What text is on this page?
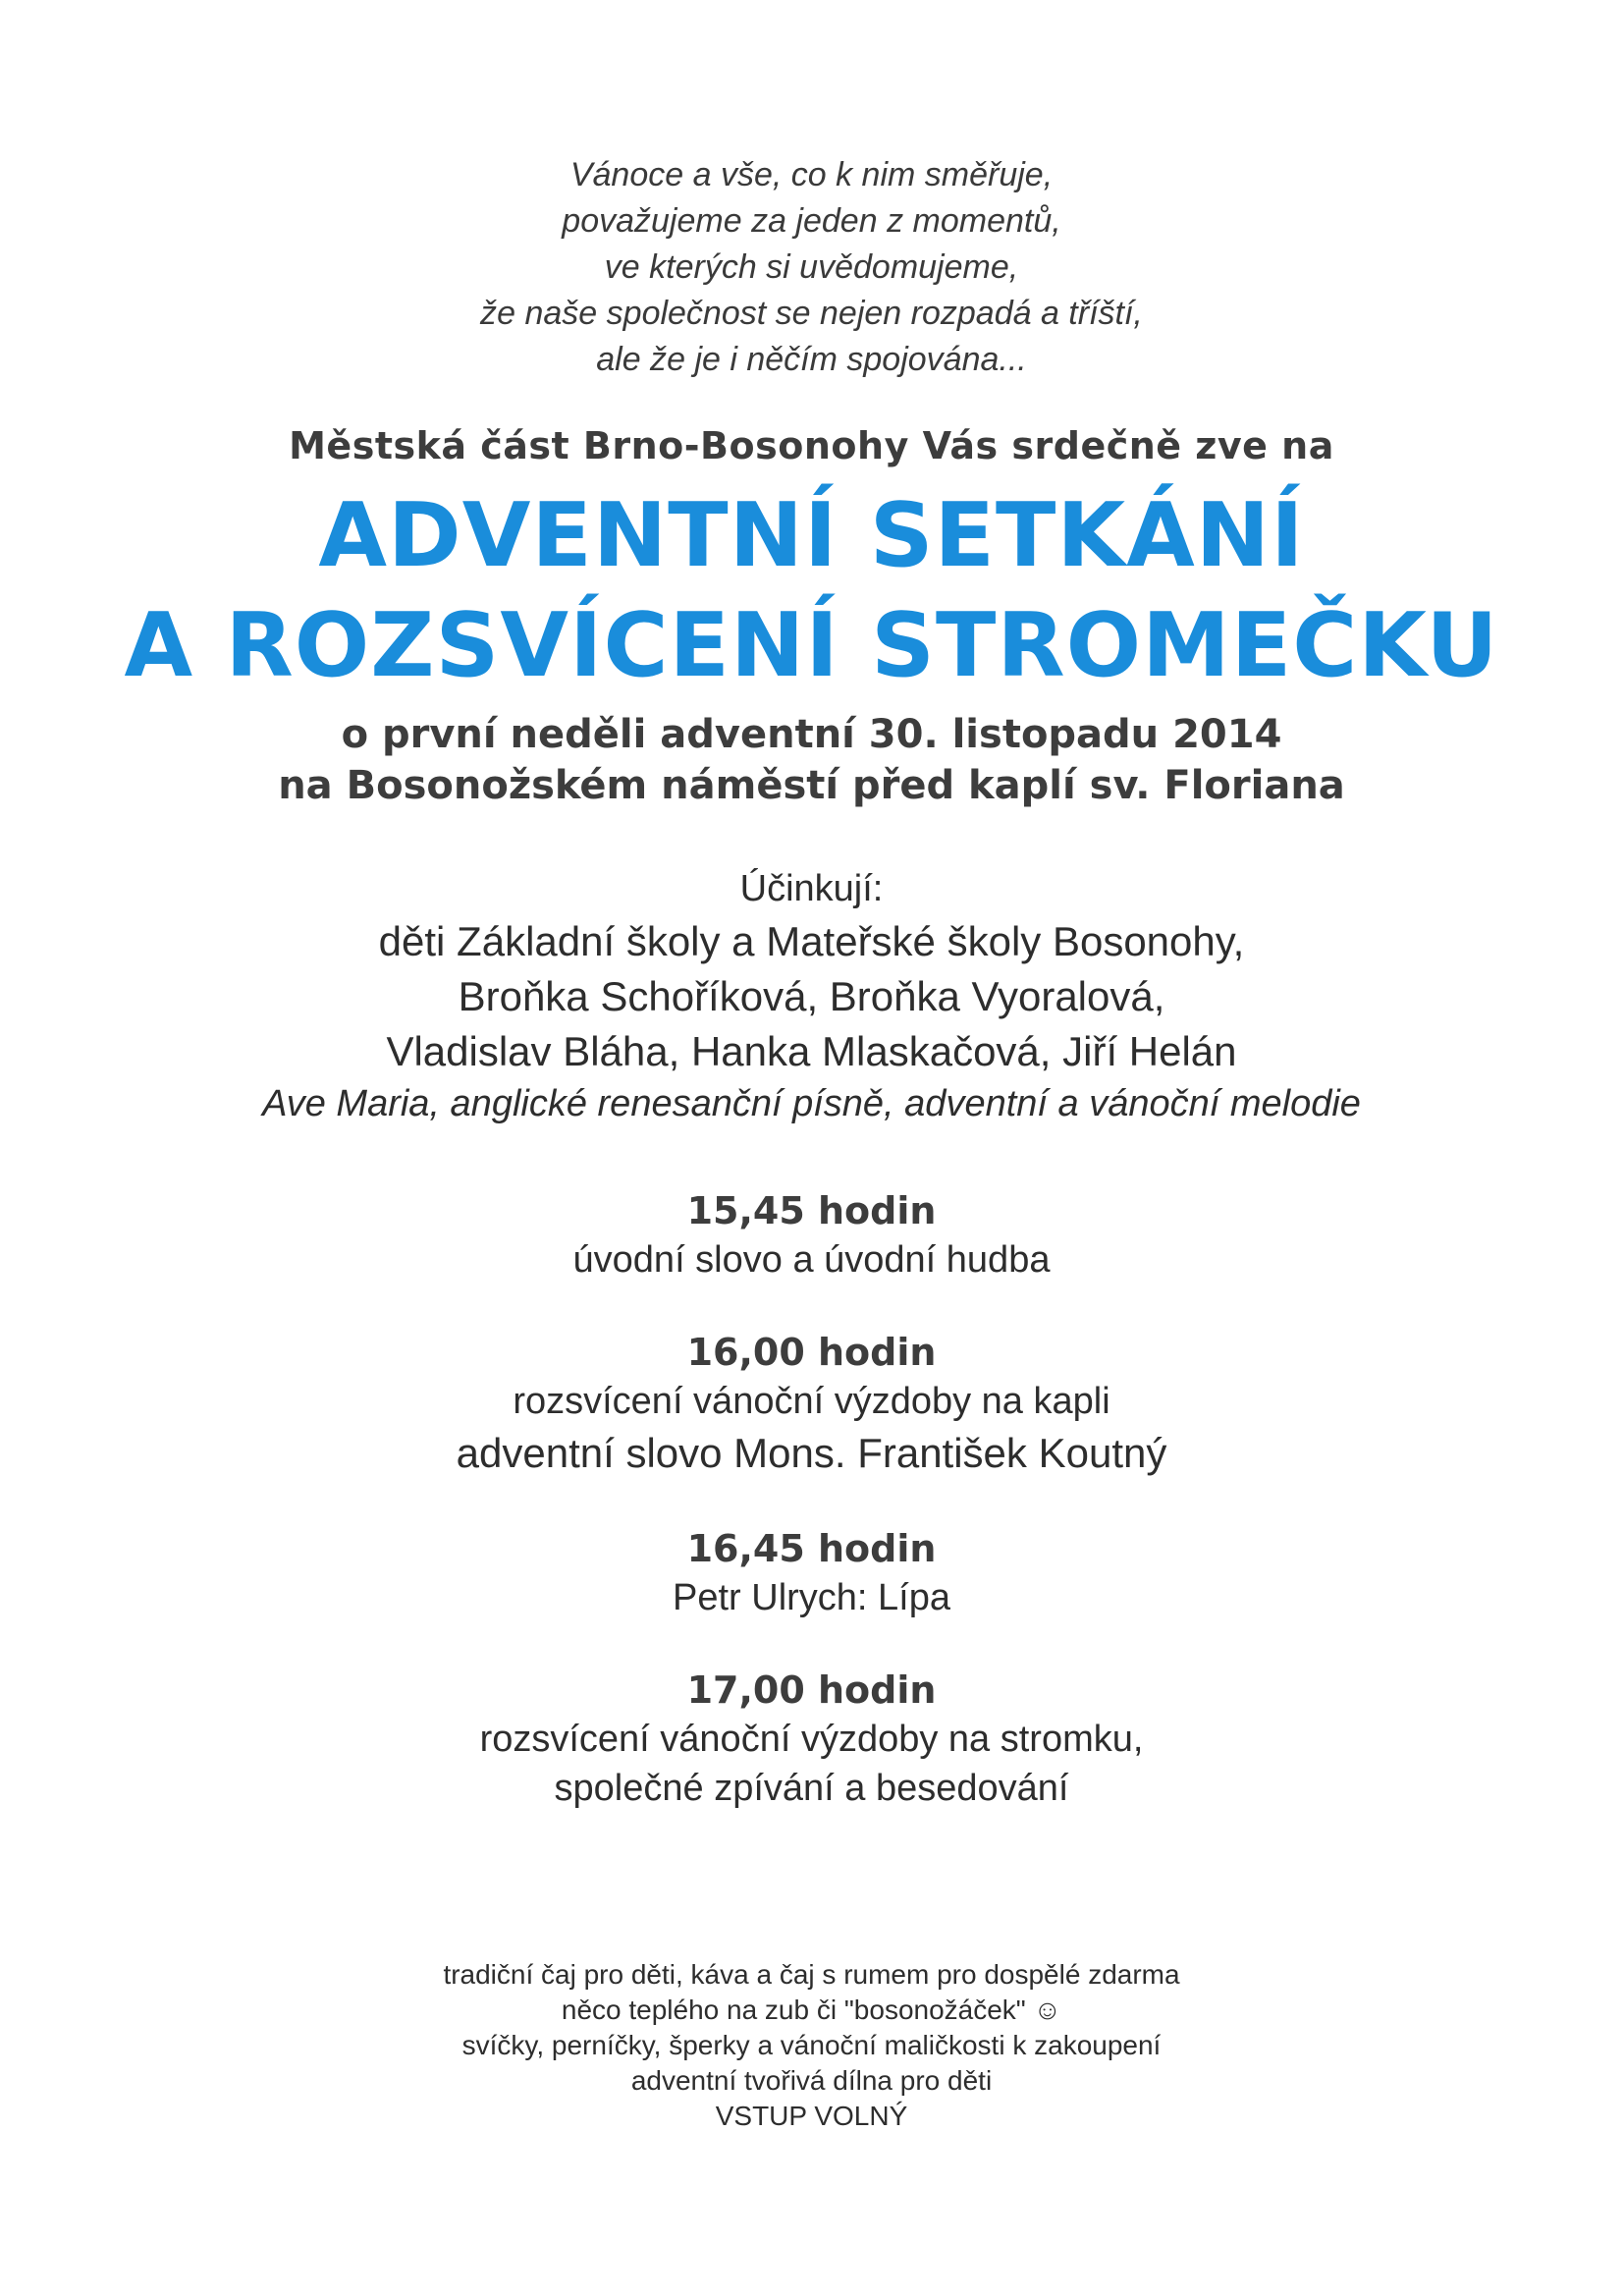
Vánoce a vše, co k nim směřuje,
považujeme za jeden z momentů,
ve kterých si uvědomujeme,
že naše společnost se nejen rozpadá a tříští,
ale že je i něčím spojována...
Městská část Brno-Bosonohy Vás srdečně zve na
ADVENTNÍ SETKÁNÍ
A ROZSVÍCENÍ STROMEČKU
o první neděli adventní 30. listopadu 2014
na Bosonožském náměstí před kaplí sv. Floriana
Účinkují:
děti Základní školy a Mateřské školy Bosonohy,
Broňka Schoříková, Broňka Vyoralová,
Vladislav Bláha, Hanka Mlaskačová, Jiří Helán
Ave Maria, anglické renesanční písně, adventní a vánoční melodie
15,45 hodin
úvodní slovo a úvodní hudba
16,00 hodin
rozsvícení vánoční výzdoby na kapli
adventní slovo Mons. František Koutný
16,45 hodin
Petr Ulrych: Lípa
17,00 hodin
rozsvícení vánoční výzdoby na stromku,
společné zpívání a besedování
tradiční čaj pro děti, káva a čaj s rumem pro dospělé zdarma
něco teplého na zub či "bosonožáček" ☺
svíčky, perníčky, šperky a vánoční maličkosti k zakoupení
adventní tvořivá dílna pro děti
VSTUP VOLNÝ
